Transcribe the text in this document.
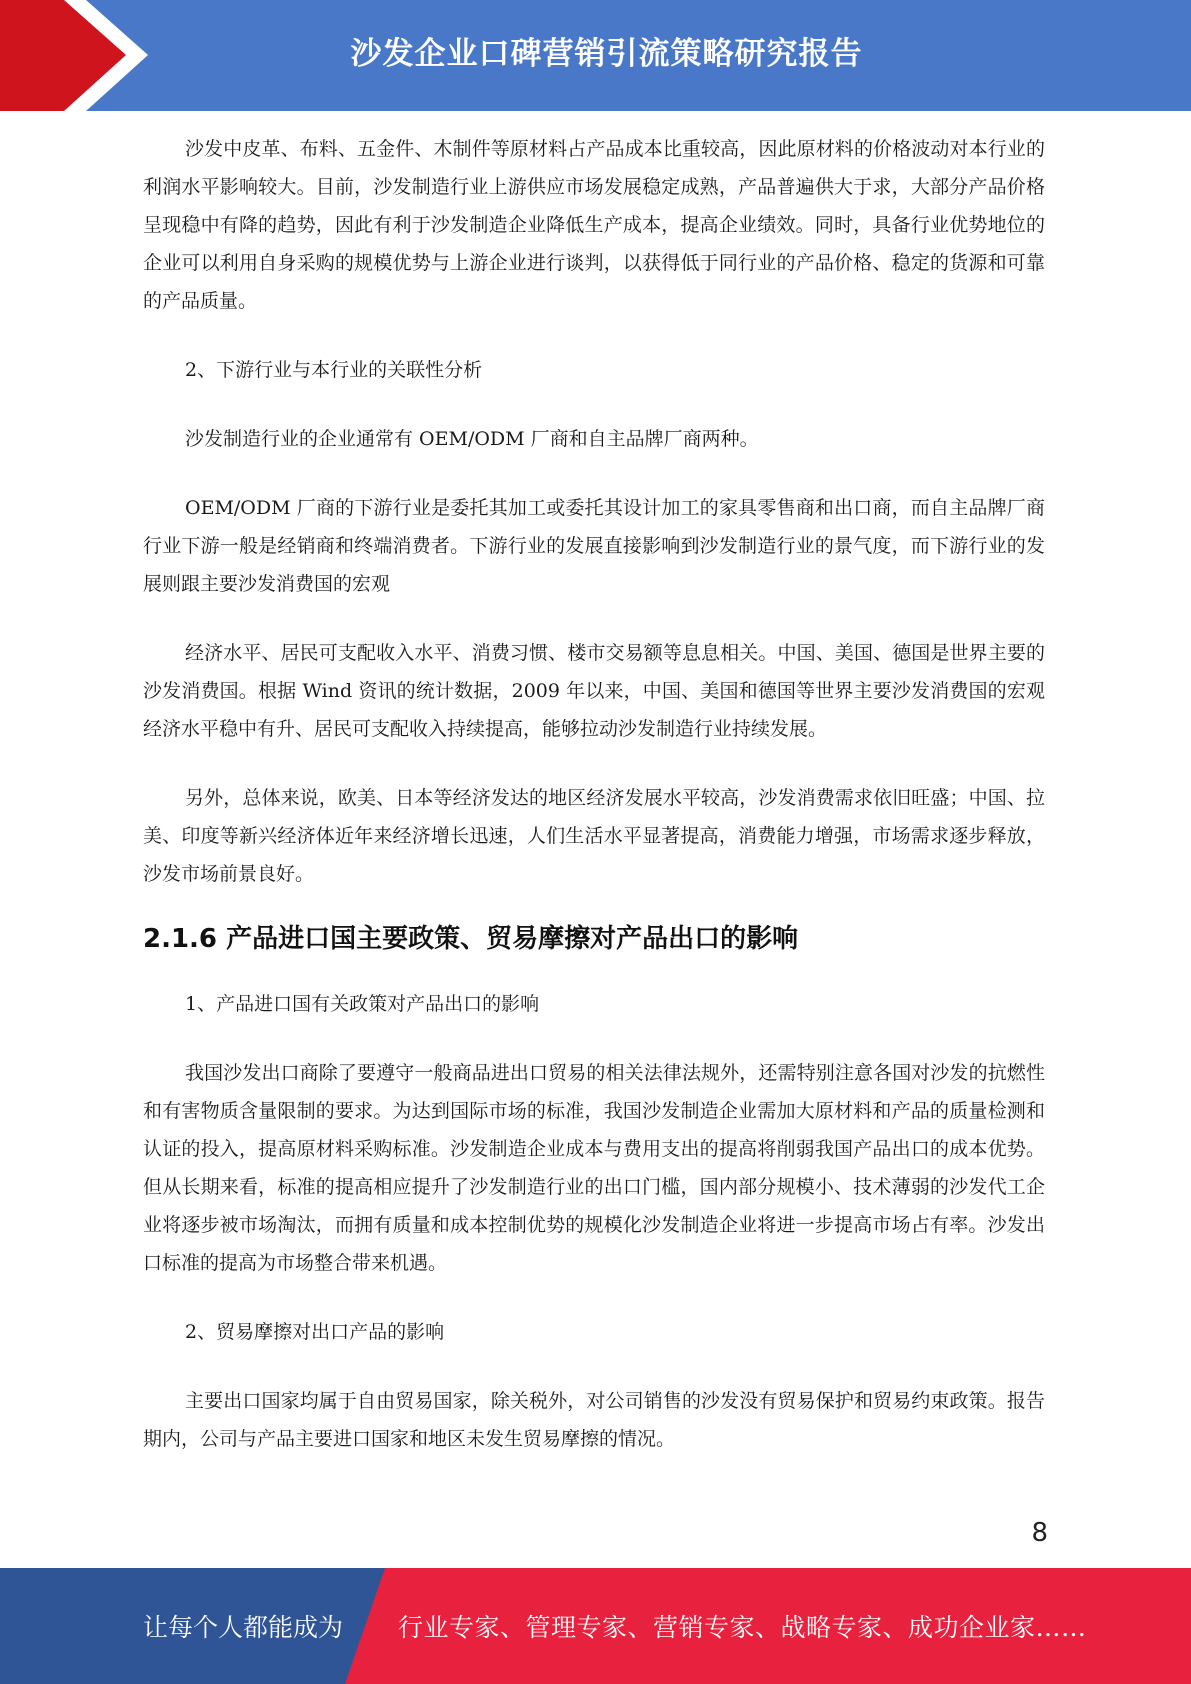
沙发企业口碑营销引流策略研究报告

沙发中皮革、布料、五金件、木制件等原材料占产品成本比重较高，因此原材料的价格波动对本行业的利润水平影响较大。目前，沙发制造行业上游供应市场发展稳定成熟，产品普遍供大于求，大部分产品价格呈现稳中有降的趋势，因此有利于沙发制造企业降低生产成本，提高企业绩效。同时，具备行业优势地位的企业可以利用自身采购的规模优势与上游企业进行谈判，以获得低于同行业的产品价格、稳定的货源和可靠的产品质量。

2、下游行业与本行业的关联性分析

沙发制造行业的企业通常有 OEM/ODM 厂商和自主品牌厂商两种。

OEM/ODM 厂商的下游行业是委托其加工或委托其设计加工的家具零售商和出口商，而自主品牌厂商行业下游一般是经销商和终端消费者。下游行业的发展直接影响到沙发制造行业的景气度，而下游行业的发展则跟主要沙发消费国的宏观

经济水平、居民可支配收入水平、消费习惯、楼市交易额等息息相关。中国、美国、德国是世界主要的沙发消费国。根据 Wind 资讯的统计数据，2009 年以来，中国、美国和德国等世界主要沙发消费国的宏观经济水平稳中有升、居民可支配收入持续提高，能够拉动沙发制造行业持续发展。

另外，总体来说，欧美、日本等经济发达的地区经济发展水平较高，沙发消费需求依旧旺盛；中国、拉美、印度等新兴经济体近年来经济增长迅速，人们生活水平显著提高，消费能力增强，市场需求逐步释放，沙发市场前景良好。

2.1.6 产品进口国主要政策、贸易摩擦对产品出口的影响

1、产品进口国有关政策对产品出口的影响

我国沙发出口商除了要遵守一般商品进出口贸易的相关法律法规外，还需特别注意各国对沙发的抗燃性和有害物质含量限制的要求。为达到国际市场的标准，我国沙发制造企业需加大原材料和产品的质量检测和认证的投入，提高原材料采购标准。沙发制造企业成本与费用支出的提高将削弱我国产品出口的成本优势。但从长期来看，标准的提高相应提升了沙发制造行业的出口门槛，国内部分规模小、技术薄弱的沙发代工企业将逐步被市场淘汰，而拥有质量和成本控制优势的规模化沙发制造企业将进一步提高市场占有率。沙发出口标准的提高为市场整合带来机遇。

2、贸易摩擦对出口产品的影响

主要出口国家均属于自由贸易国家，除关税外，对公司销售的沙发没有贸易保护和贸易约束政策。报告期内，公司与产品主要进口国家和地区未发生贸易摩擦的情况。

8
让每个人都能成为 行业专家、管理专家、营销专家、战略专家、成功企业家……
